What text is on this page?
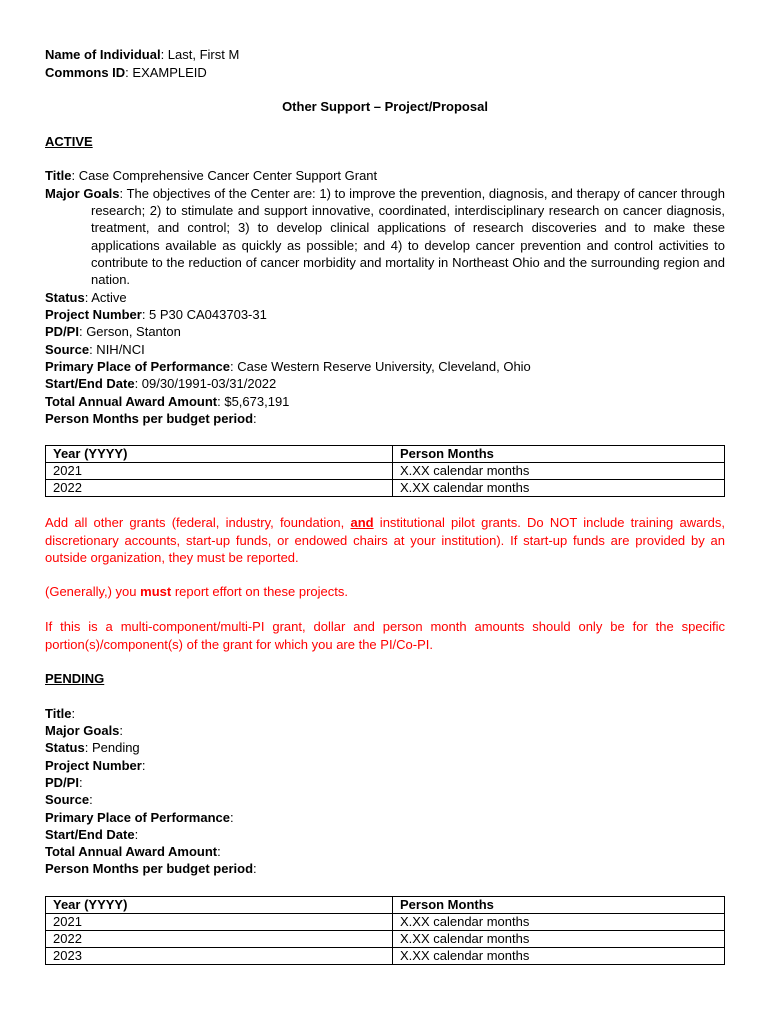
Name of Individual: Last, First M
Commons ID: EXAMPLEID
Other Support – Project/Proposal
ACTIVE
Title: Case Comprehensive Cancer Center Support Grant
Major Goals: The objectives of the Center are: 1) to improve the prevention, diagnosis, and therapy of cancer through research; 2) to stimulate and support innovative, coordinated, interdisciplinary research on cancer diagnosis, treatment, and control; 3) to develop clinical applications of research discoveries and to make these applications available as quickly as possible; and 4) to develop cancer prevention and control activities to contribute to the reduction of cancer morbidity and mortality in Northeast Ohio and the surrounding region and nation.
Status: Active
Project Number: 5 P30 CA043703-31
PD/PI: Gerson, Stanton
Source: NIH/NCI
Primary Place of Performance: Case Western Reserve University, Cleveland, Ohio
Start/End Date: 09/30/1991-03/31/2022
Total Annual Award Amount: $5,673,191
Person Months per budget period:
Year (YYYY)	Person Months
2021	X.XX calendar months
2022	X.XX calendar months
Add all other grants (federal, industry, foundation, and institutional pilot grants. Do NOT include training awards, discretionary accounts, start-up funds, or endowed chairs at your institution). If start-up funds are provided by an outside organization, they must be reported.
(Generally,) you must report effort on these projects.
If this is a multi-component/multi-PI grant, dollar and person month amounts should only be for the specific portion(s)/component(s) of the grant for which you are the PI/Co-PI.
PENDING
Title:
Major Goals:
Status: Pending
Project Number:
PD/PI:
Source:
Primary Place of Performance:
Start/End Date:
Total Annual Award Amount:
Person Months per budget period:
Year (YYYY)	Person Months
2021	X.XX calendar months
2022	X.XX calendar months
2023	X.XX calendar months
